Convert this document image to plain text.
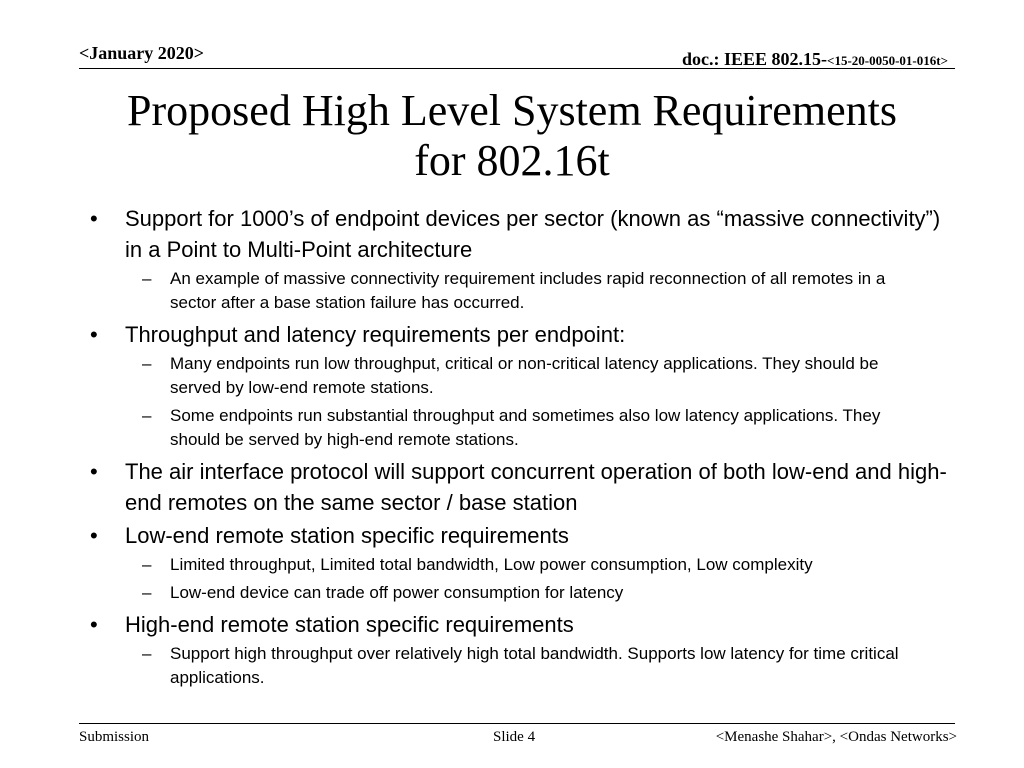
<January 2020>	doc.: IEEE 802.15-<15-20-0050-01-016t>
Proposed High Level System Requirements
for 802.16t
• Support for 1000’s of endpoint devices per sector (known as “massive connectivity”) in a Point to Multi-Point architecture
– An example of massive connectivity requirement includes rapid reconnection of all remotes in a sector after a base station failure has occurred.
• Throughput and latency requirements per endpoint:
– Many endpoints run low throughput, critical or non-critical latency applications. They should be served by low-end remote stations.
– Some endpoints run substantial throughput and sometimes also low latency applications. They should be served by high-end remote stations.
• The air interface protocol will support concurrent operation of both low-end and high-end remotes on the same sector / base station
• Low-end remote station specific requirements
– Limited throughput, Limited total bandwidth, Low power consumption, Low complexity
– Low-end device can trade off power consumption for latency
• High-end remote station specific requirements
– Support high throughput over relatively high total bandwidth. Supports low latency for time critical applications.
Submission	Slide 4	<Menashe Shahar>, <Ondas Networks>
